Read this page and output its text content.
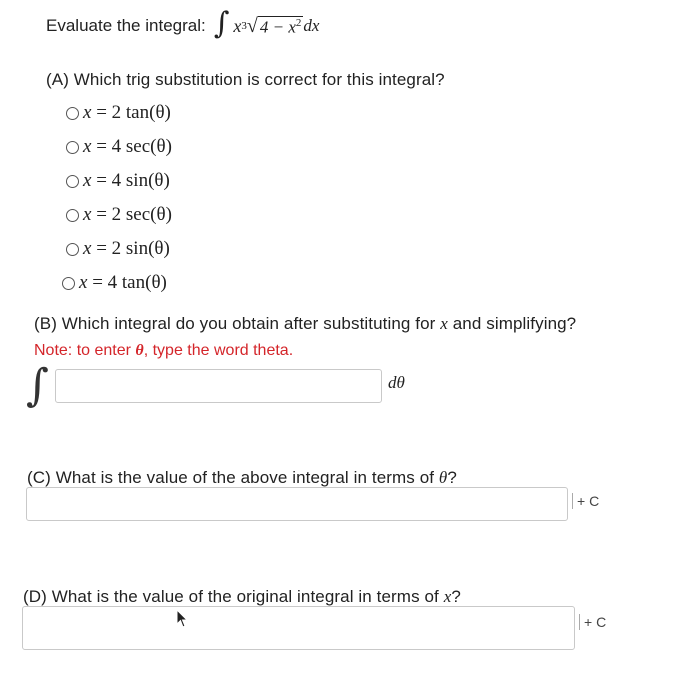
Evaluate the integral: ∫ x 3 √ $4 - x^2$ dx
(A) Which trig substitution is correct for this integral?
x = 2 tan(θ)
x = 4 sec(θ)
x = 4 sin(θ)
x = 2 sec(θ)
x = 2 sin(θ)
x = 4 tan(θ)
(B) Which integral do you obtain after substituting for x and simplifying?
Note: to enter θ, type the word theta.
∫	dθ
(C) What is the value of the above integral in terms of θ?
+ C
(D) What is the value of the original integral in terms of x?
+ C
